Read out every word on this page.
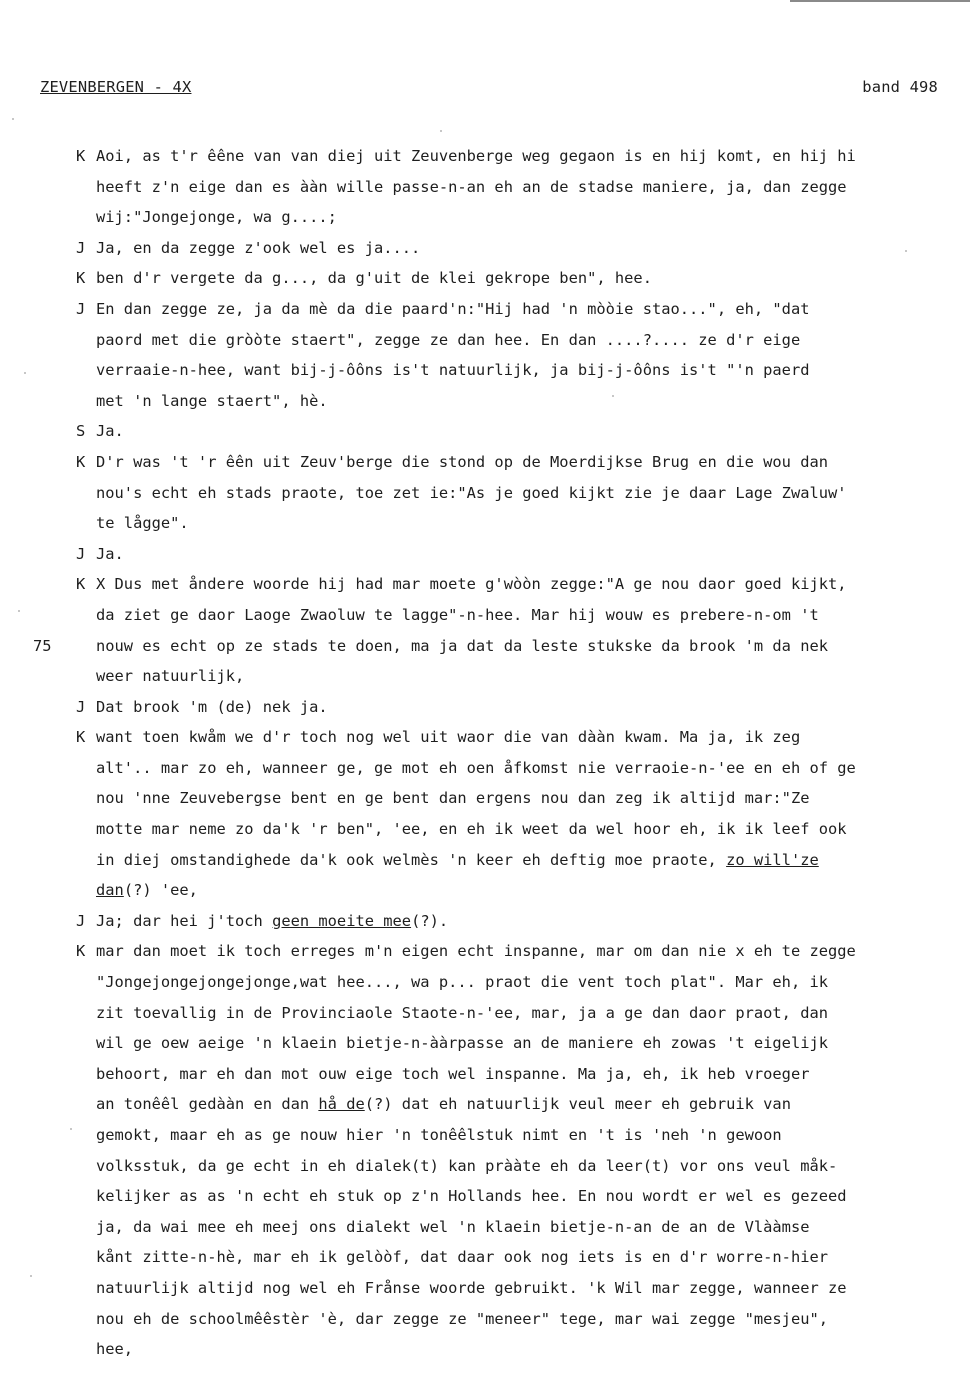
ZEVENBERGEN - 4X	band 498
K Aoi, as t'r êêne van van diej uit Zeuvenberge weg gegaon is en hij komt, en hij hi
heeft z'n eige dan es ààn wille passe-n-an eh an de stadse maniere, ja, dan zegge
wij:"Jongejonge, wa g....;
J Ja, en da zegge z'ook wel es ja....
K ben d'r vergete da g..., da g'uit de klei gekrope ben", hee.
J En dan zegge ze, ja da mè da die paard'n:"Hij had 'n mòòie stao...", eh, "dat
paord met die gròòte staert", zegge ze dan hee. En dan ....?.... ze d'r eige
verraaie-n-hee, want bij-j-ôôns is't natuurlijk, ja bij-j-ôôns is't "'n paerd
met 'n lange staert", hè.
S Ja.
K D'r was 't 'r êên uit Zeuv'berge die stond op de Moerdijkse Brug en die wou dan
nou's echt eh stads praote, toe zet ie:"As je goed kijkt zie je daar Lage Zwaluw'
te lågge".
J Ja.
K X Dus met åndere woorde hij had mar moete g'wòòn zegge:"A ge nou daor goed kijkt,
da ziet ge daor Laoge Zwaoluw te lagge"-n-hee. Mar hij wouw es prebere-n-om 't
75	nouw es echt op ze stads te doen, ma ja dat da leste stukske da brook 'm da nek
weer natuurlijk,
J Dat brook 'm (de) nek ja.
K want toen kwåm we d'r toch nog wel uit waor die van dààn kwam. Ma ja, ik zeg
alt'.. mar zo eh, wanneer ge, ge mot eh oen åfkomst nie verraoie-n-'ee en eh of ge
nou 'nne Zeuvebergse bent en ge bent dan ergens nou dan zeg ik altijd mar:"Ze
motte mar neme zo da'k 'r ben", 'ee, en eh ik weet da wel hoor eh, ik ik leef ook
in diej omstandighede da'k ook welmès 'n keer eh deftig moe praote, zo will'ze
dan(?) 'ee,
J Ja; dar hei j'toch geen moeite mee(?).
K mar dan moet ik toch erreges m'n eigen echt inspanne, mar om dan nie x eh te zegge
"Jongejongejongejonge,wat hee..., wa p... praot die vent toch plat". Mar eh, ik
zit toevallig in de Provinciaole Staote-n-'ee, mar, ja a ge dan daor praot, dan
wil ge oew aeige 'n klaein bietje-n-ààrpasse an de maniere eh zowas 't eigelijk
behoort, mar eh dan mot ouw eige toch wel inspanne. Ma ja, eh, ik heb vroeger
an tonêêl gedààn en dan hå de(?) dat eh natuurlijk veul meer eh gebruik van
gemokt, maar eh as ge nouw hier 'n tonêêlstuk nimt en 't is 'neh 'n gewoon
volksstuk, da ge echt in eh dialek(t) kan prààte eh da leer(t) vor ons veul måk-
kelijker as as 'n echt eh stuk op z'n Hollands hee. En nou wordt er wel es gezeed
ja, da wai mee eh meej ons dialekt wel 'n klaein bietje-n-an de an de Vlààmse
kånt zitte-n-hè, mar eh ik gelòòf, dat daar ook nog iets is en d'r worre-n-hier
natuurlijk altijd nog wel eh Frånse woorde gebruikt. 'k Wil mar zegge, wanneer ze
nou eh de schoolmêêstèr 'è, dar zegge ze "meneer" tege, mar wai zegge "mesjeu",
hee,
